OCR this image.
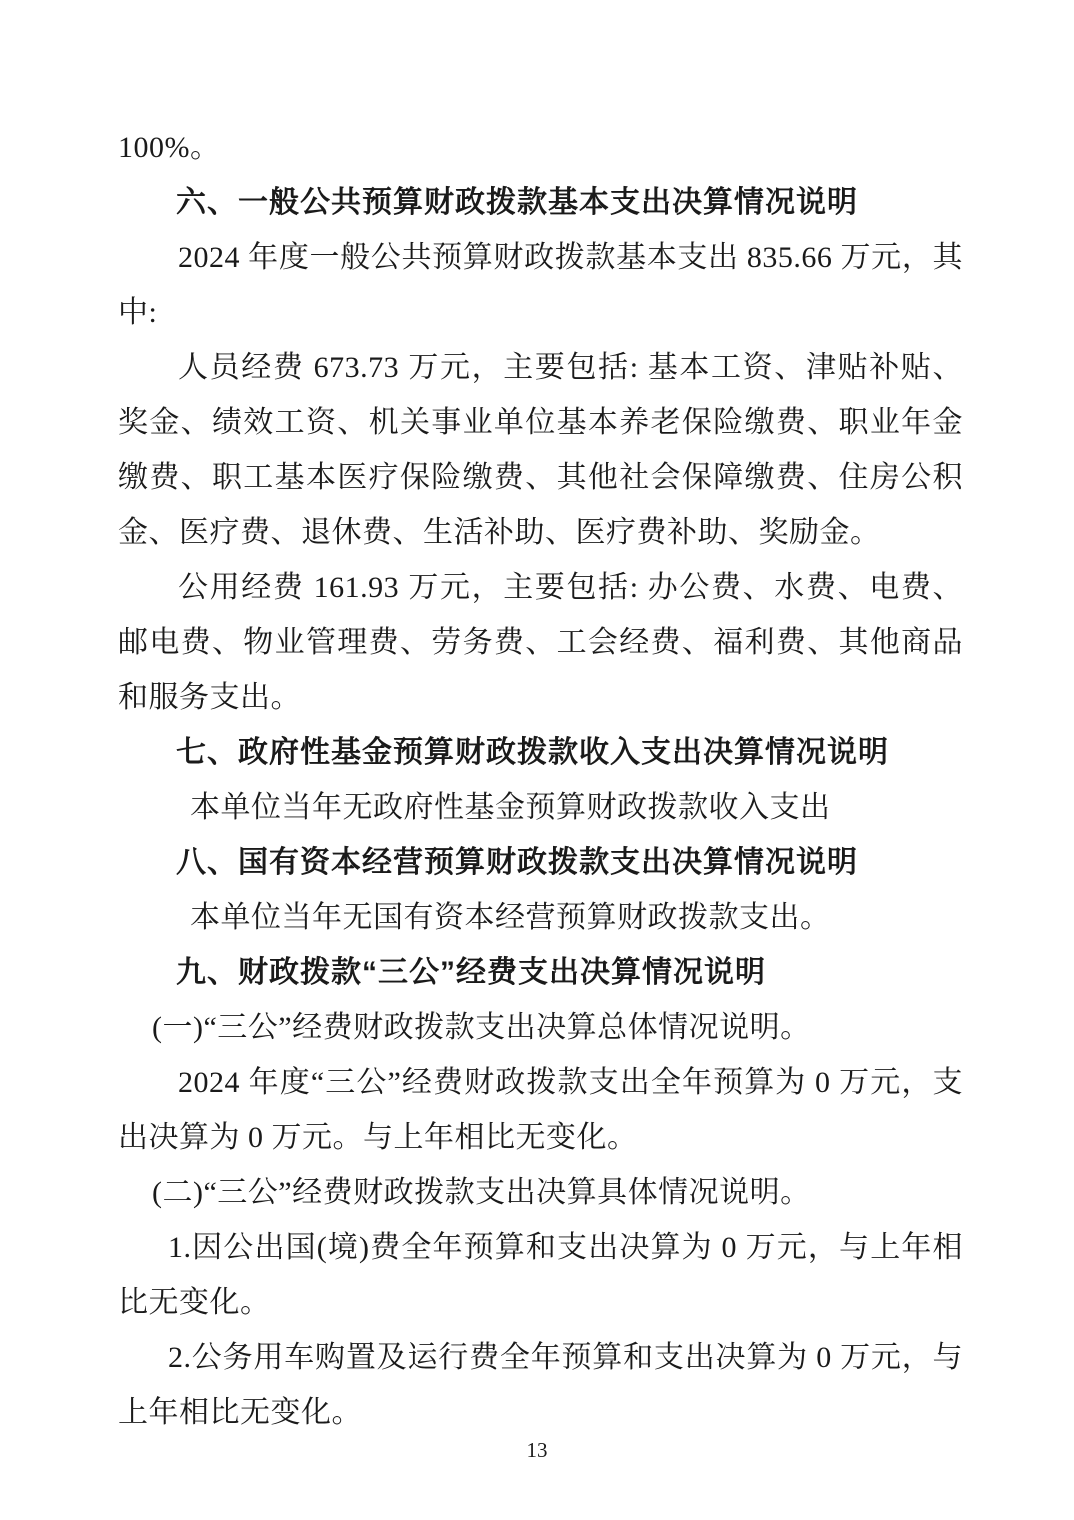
100%。

六、一般公共预算财政拨款基本支出决算情况说明

2024 年度一般公共预算财政拨款基本支出 835.66 万元，其中:

人员经费 673.73 万元，主要包括: 基本工资、津贴补贴、奖金、绩效工资、机关事业单位基本养老保险缴费、职业年金缴费、职工基本医疗保险缴费、其他社会保障缴费、住房公积金、医疗费、退休费、生活补助、医疗费补助、奖励金。

公用经费 161.93 万元，主要包括: 办公费、水费、电费、邮电费、物业管理费、劳务费、工会经费、福利费、其他商品和服务支出。

七、政府性基金预算财政拨款收入支出决算情况说明

本单位当年无政府性基金预算财政拨款收入支出

八、国有资本经营预算财政拨款支出决算情况说明

本单位当年无国有资本经营预算财政拨款支出。

九、财政拨款“三公”经费支出决算情况说明

(一)“三公”经费财政拨款支出决算总体情况说明。

2024 年度“三公”经费财政拨款支出全年预算为 0 万元，支出决算为 0 万元。与上年相比无变化。

(二)“三公”经费财政拨款支出决算具体情况说明。

1.因公出国(境)费全年预算和支出决算为 0 万元，与上年相比无变化。

2.公务用车购置及运行费全年预算和支出决算为 0 万元，与上年相比无变化。

13
